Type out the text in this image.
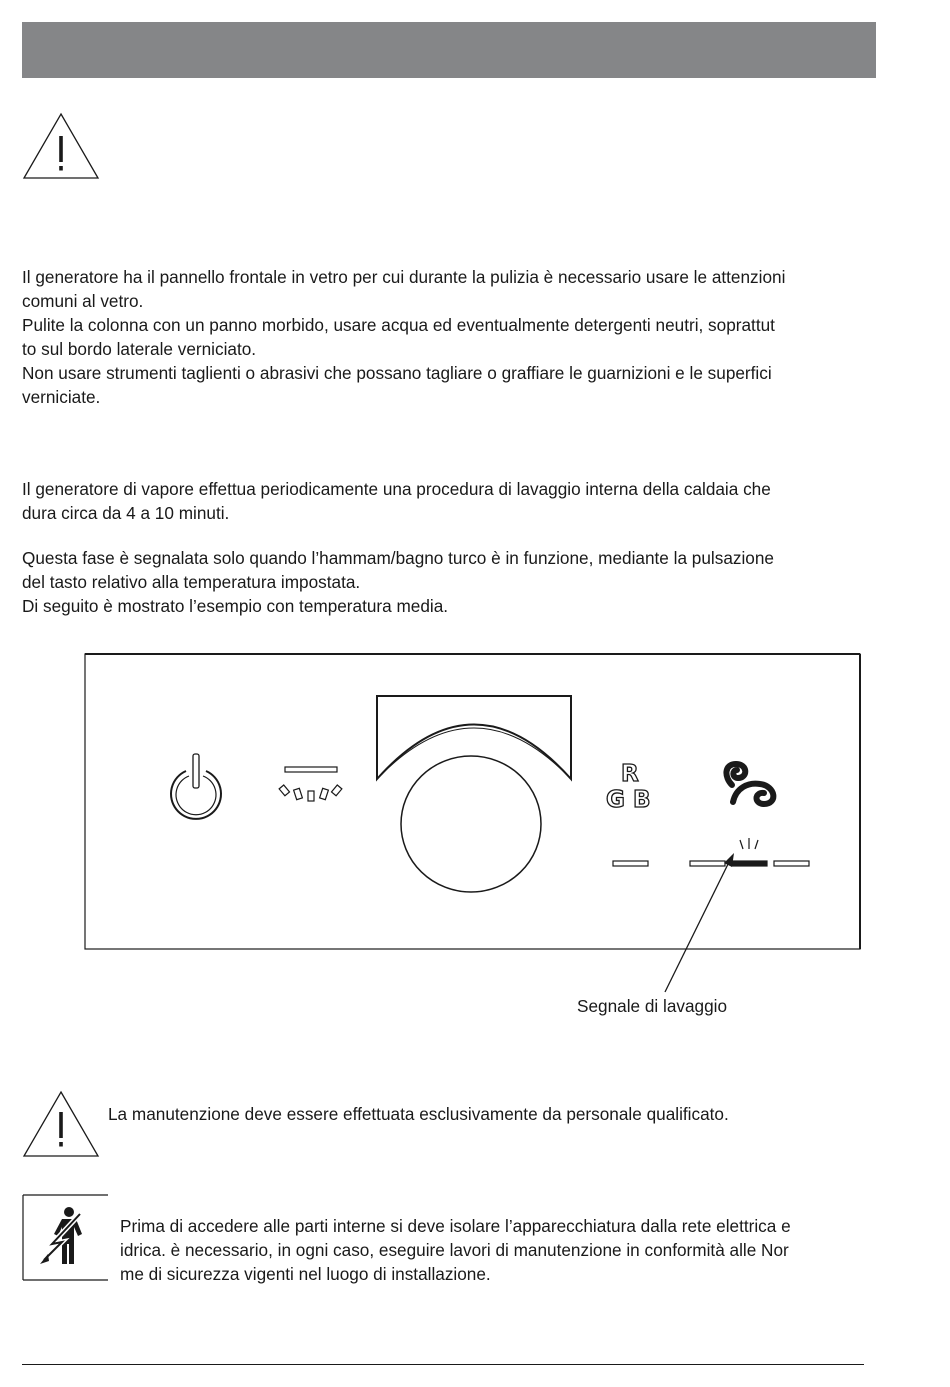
Il generatore ha il pannello frontale in vetro per cui durante la pulizia è necessario usare le attenzioni
comuni al vetro.
Pulite la colonna con un panno morbido, usare acqua ed eventualmente detergenti neutri, soprattut
to sul bordo laterale verniciato.
Non usare strumenti taglienti o abrasivi che possano tagliare o graffiare le guarnizioni e le superfici
verniciate.

Il generatore di vapore effettua periodicamente una procedura di lavaggio interna della caldaia che
dura circa da 4 a 10 minuti.

Questa fase è segnalata solo quando l’hammam/bagno turco è in funzione, mediante la pulsazione
del tasto relativo alla temperatura impostata.
Di seguito è mostrato l’esempio con temperatura media.

R
G B
Segnale di lavaggio
La manutenzione deve essere effettuata esclusivamente da personale qualificato.
Prima di accedere alle parti interne si deve isolare l’apparecchiatura dalla rete elettrica e
idrica. è necessario, in ogni caso, eseguire lavori di manutenzione in conformità alle Nor
me di sicurezza vigenti nel luogo di installazione.
